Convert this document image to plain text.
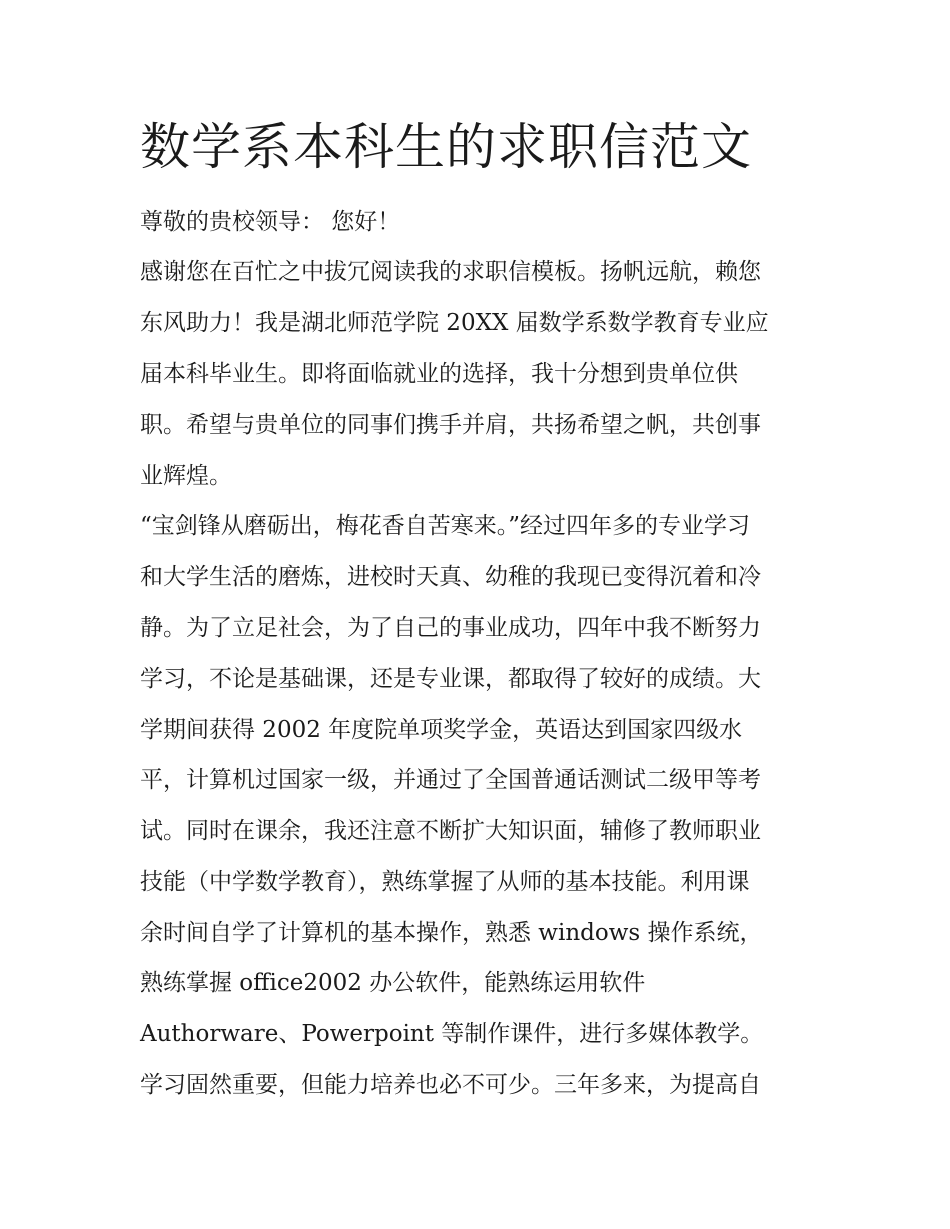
数学系本科生的求职信范文

尊敬的贵校领导： 您好！

感谢您在百忙之中拔冗阅读我的求职信模板。扬帆远航，赖您

东风助力！我是湖北师范学院 20XX 届数学系数学教育专业应

届本科毕业生。即将面临就业的选择，我十分想到贵单位供

职。希望与贵单位的同事们携手并肩，共扬希望之帆，共创事

业辉煌。

“宝剑锋从磨砺出，梅花香自苦寒来。”经过四年多的专业学习

和大学生活的磨炼，进校时天真、幼稚的我现已变得沉着和冷

静。为了立足社会，为了自己的事业成功，四年中我不断努力

学习，不论是基础课，还是专业课，都取得了较好的成绩。大

学期间获得 2002 年度院单项奖学金，英语达到国家四级水

平，计算机过国家一级，并通过了全国普通话测试二级甲等考

试。同时在课余，我还注意不断扩大知识面，辅修了教师职业

技能（中学数学教育），熟练掌握了从师的基本技能。利用课

余时间自学了计算机的基本操作，熟悉 windows 操作系统，

熟练掌握 office2002 办公软件，能熟练运用软件

Authorware、Powerpoint 等制作课件，进行多媒体教学。

学习固然重要，但能力培养也必不可少。三年多来，为提高自
